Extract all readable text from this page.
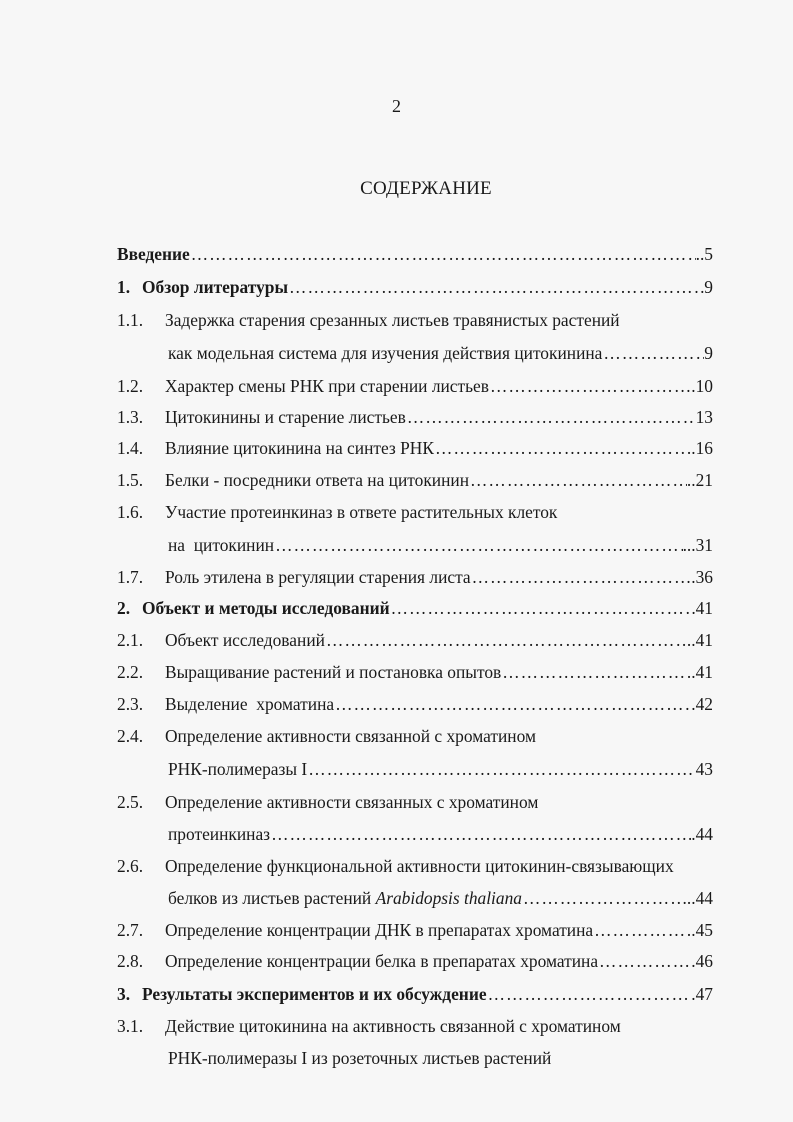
2
СОДЕРЖАНИЕ
Введение …………………………………………………………………………………………………………………………………………………………	..5
1. Обзор литературы …………………………………………………………………………………………………………………………………………………………	9
1.1. Задержка старения срезанных листьев травянистых растений
как модельная система для изучения действия цитокинина …………………………………………………………………………………………………………………………………………………………	9
1.2. Характер смены РНК при старении листьев …………………………………………………………………………………………………………………………………………………………	.10
1.3. Цитокинины и старение листьев …………………………………………………………………………………………………………………………………………………………	13
1.4. Влияние цитокинина на синтез РНК …………………………………………………………………………………………………………………………………………………………	..16
1.5. Белки - посредники ответа на цитокинин …………………………………………………………………………………………………………………………………………………………	..21
1.6. Участие протеинкиназ в ответе растительных клеток
на  цитокинин …………………………………………………………………………………………………………………………………………………………	...31
1.7. Роль этилена в регуляции старения листа …………………………………………………………………………………………………………………………………………………………	.36
2. Объект и методы исследований …………………………………………………………………………………………………………………………………………………………	41
2.1. Объект исследований …………………………………………………………………………………………………………………………………………………………	..41
2.2. Выращивание растений и постановка опытов …………………………………………………………………………………………………………………………………………………………	..41
2.3. Выделение  хроматина …………………………………………………………………………………………………………………………………………………………	.42
2.4. Определение активности связанной с хроматином
РНК-полимеразы I …………………………………………………………………………………………………………………………………………………………	43
2.5. Определение активности связанных с хроматином
протеинкиназ …………………………………………………………………………………………………………………………………………………………	.44
2.6. Определение функциональной активности цитокинин-связывающих
белков из листьев растений Arabidopsis thaliana …………………………………………………………………………………………………………………………………………………………	..44
2.7. Определение концентрации ДНК в препаратах хроматина …………………………………………………………………………………………………………………………………………………………	.45
2.8. Определение концентрации белка в препаратах хроматина …………………………………………………………………………………………………………………………………………………………	.46
3. Результаты экспериментов и их обсуждение …………………………………………………………………………………………………………………………………………………………	.47
3.1. Действие цитокинина на активность связанной с хроматином
РНК-полимеразы I из розеточных листьев растений
